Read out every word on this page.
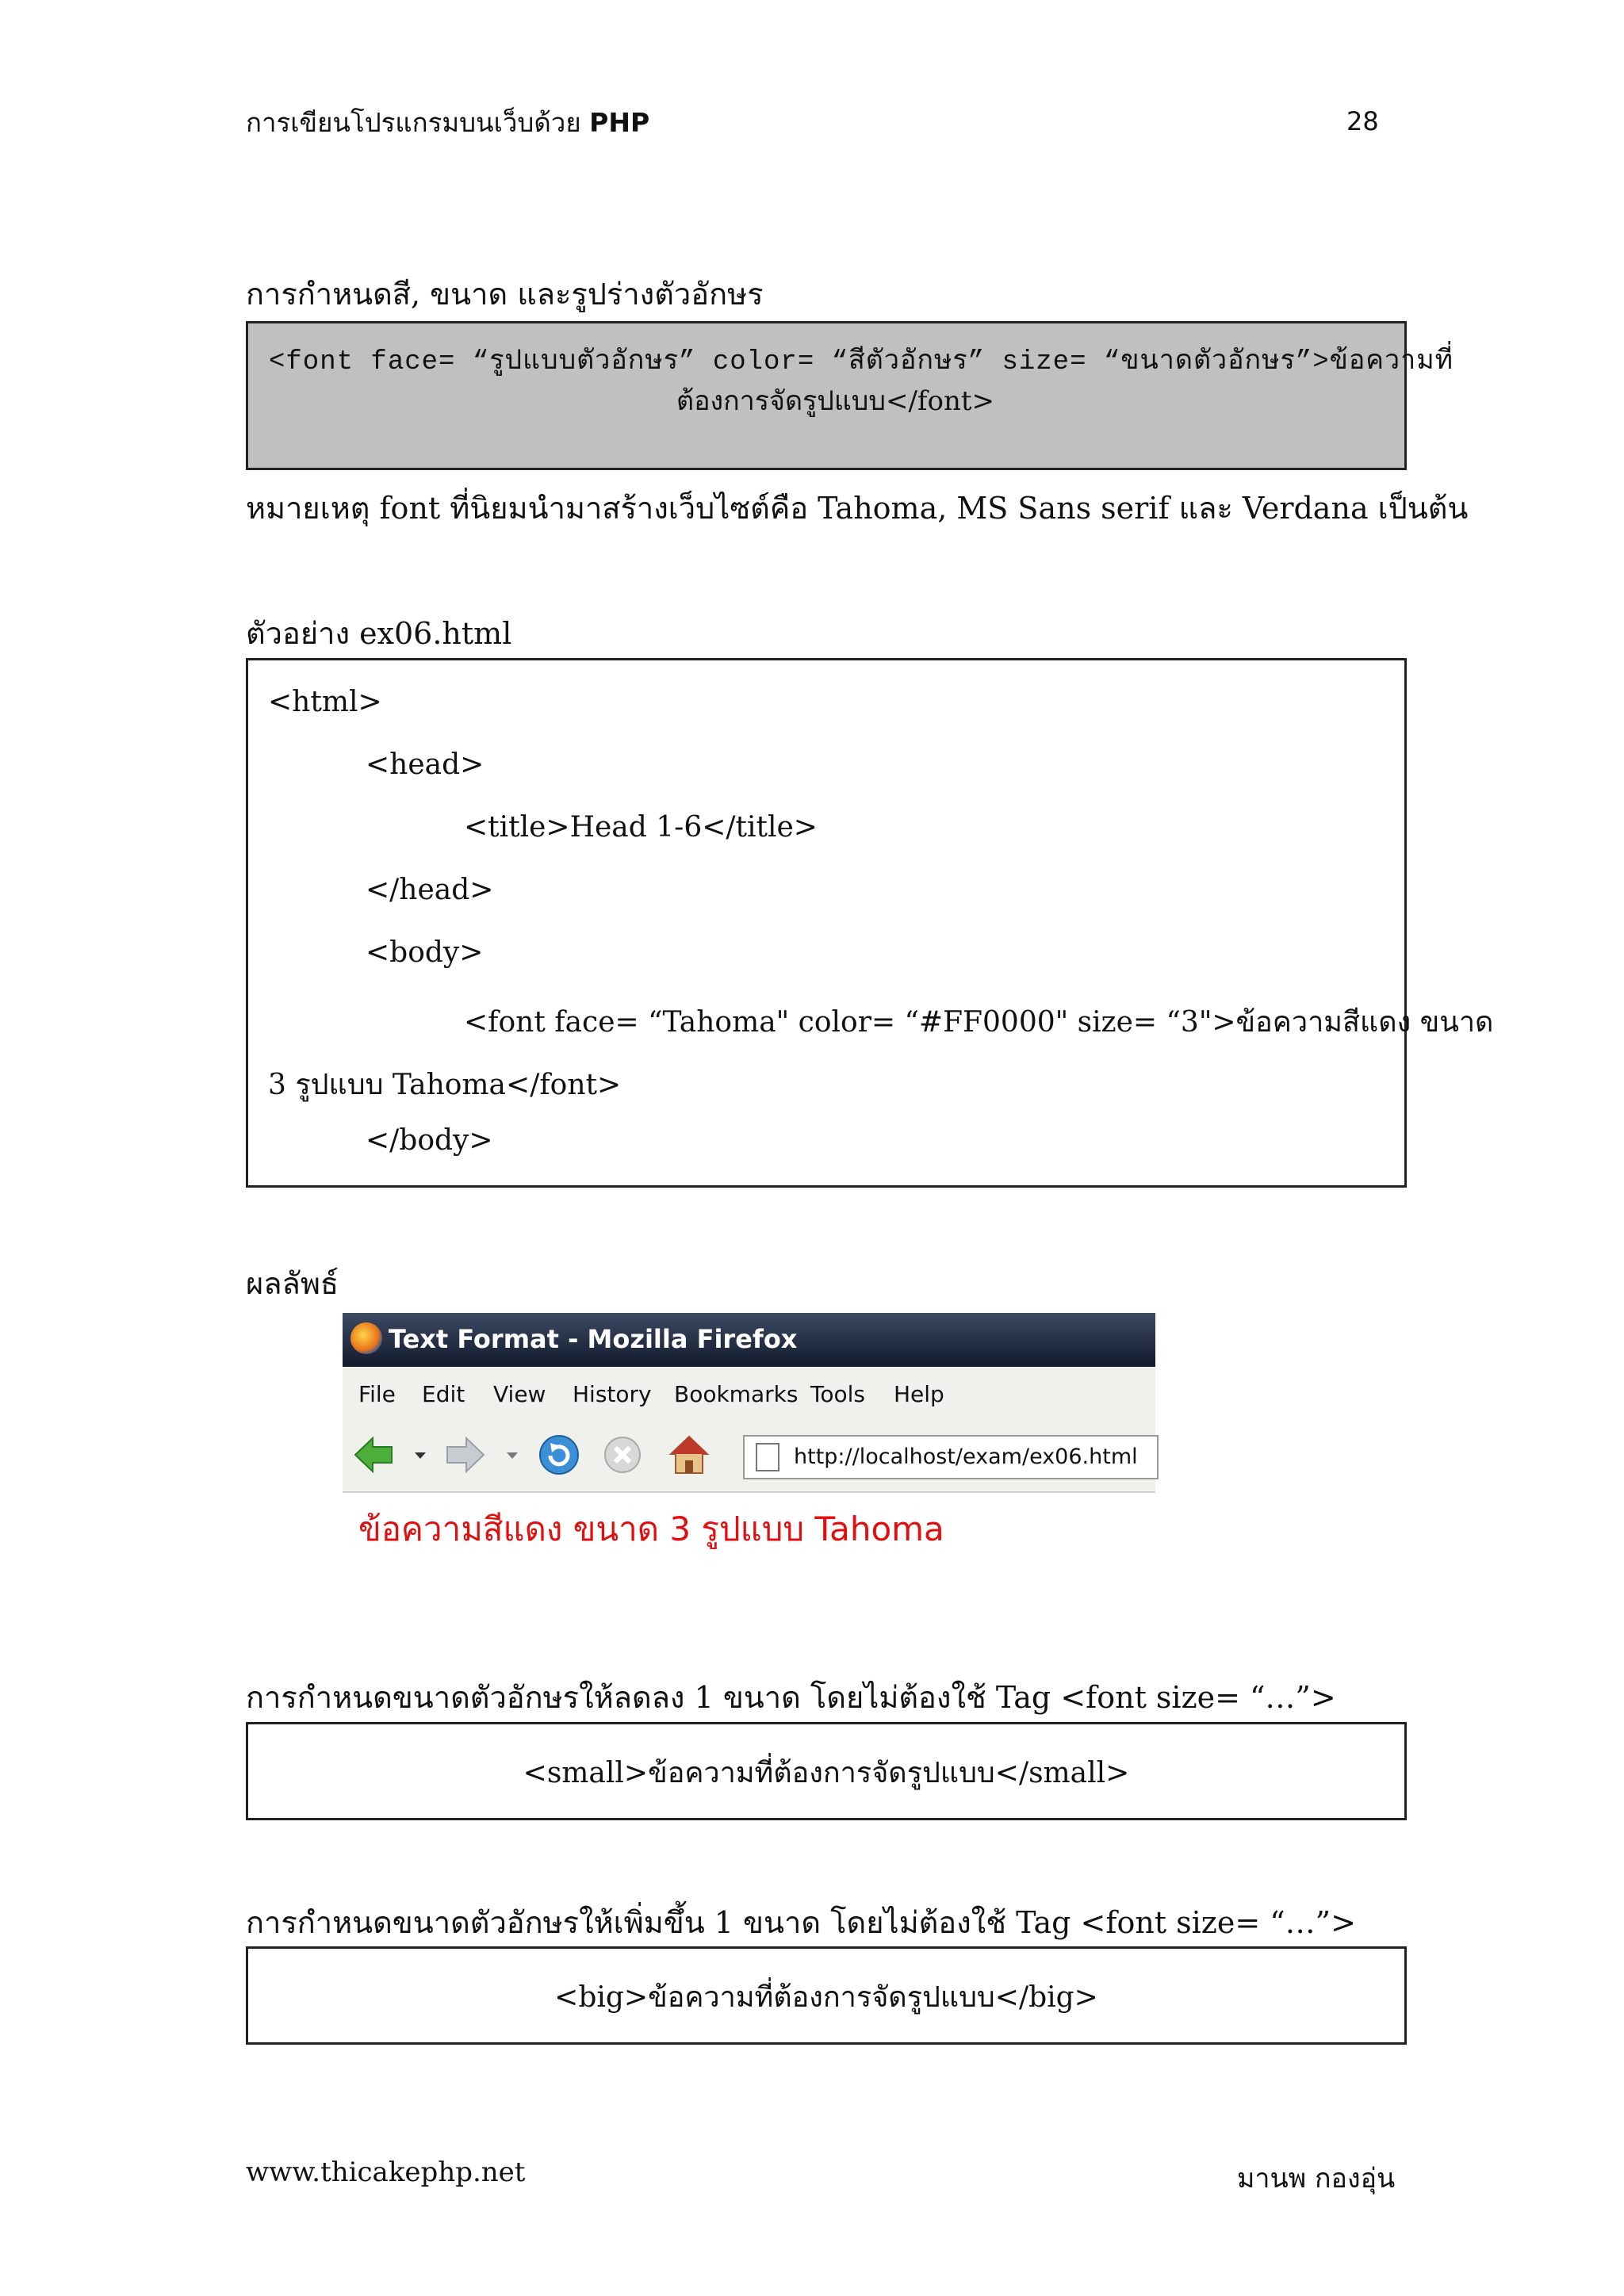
การเขียนโปรแกรมบนเว็บด้วย PHP	28
การกำหนดสี, ขนาด และรูปร่างตัวอักษร
<font face= “รูปแบบตัวอักษร” color= “สีตัวอักษร” size= “ขนาดตัวอักษร”>ข้อความที่
ต้องการจัดรูปแบบ</font>
หมายเหตุ font ที่นิยมนำมาสร้างเว็บไซต์คือ Tahoma, MS Sans serif และ Verdana เป็นต้น
ตัวอย่าง ex06.html
<html>
<head>
<title>Head 1-6</title>
</head>
<body>
<font face= “Tahoma" color= “#FF0000" size= “3">ข้อความสีแดง ขนาด
3 รูปแบบ Tahoma</font>
</body>
ผลลัพธ์
Text Format - Mozilla Firefox
File Edit View History Bookmarks Tools Help
http://localhost/exam/ex06.html
ข้อความสีแดง ขนาด 3 รูปแบบ Tahoma
การกำหนดขนาดตัวอักษรให้ลดลง 1 ขนาด โดยไม่ต้องใช้ Tag <font size= “…”>
<small>ข้อความที่ต้องการจัดรูปแบบ</small>
การกำหนดขนาดตัวอักษรให้เพิ่มขึ้น 1 ขนาด โดยไม่ต้องใช้ Tag <font size= “…”>
<big>ข้อความที่ต้องการจัดรูปแบบ</big>
www.thicakephp.net	มานพ กองอุ่น
